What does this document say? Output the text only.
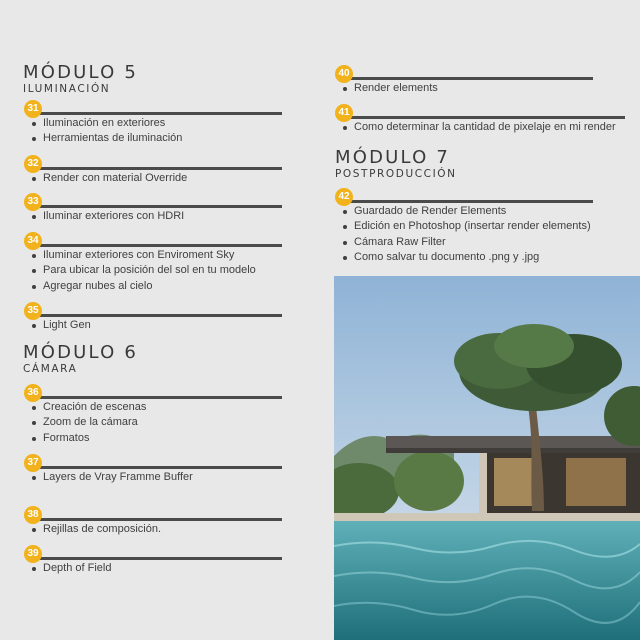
MÓDULO 5
ILUMINACIÓN
MÓDULO 6
CÁMARA
MÓDULO 7
POSTPRODUCCIÓN
31
Iluminación en exteriores
Herramientas de iluminación
32
Render con material Override
33
Iluminar exteriores con HDRI
34
Iluminar exteriores con Enviroment Sky
Para ubicar la posición del sol en tu modelo
Agregar nubes al cielo
35
Light Gen
36
Creación de escenas
Zoom de la cámara
Formatos
37
Layers de Vray Framme Buffer
38
Rejillas de composición.
39
Depth of Field
40
Render elements
41
Como determinar la cantidad de pixelaje en mi render
42
Guardado de Render Elements
Edición en Photoshop (insertar render elements)
Cámara Raw Filter
Como salvar tu documento .png y .jpg
